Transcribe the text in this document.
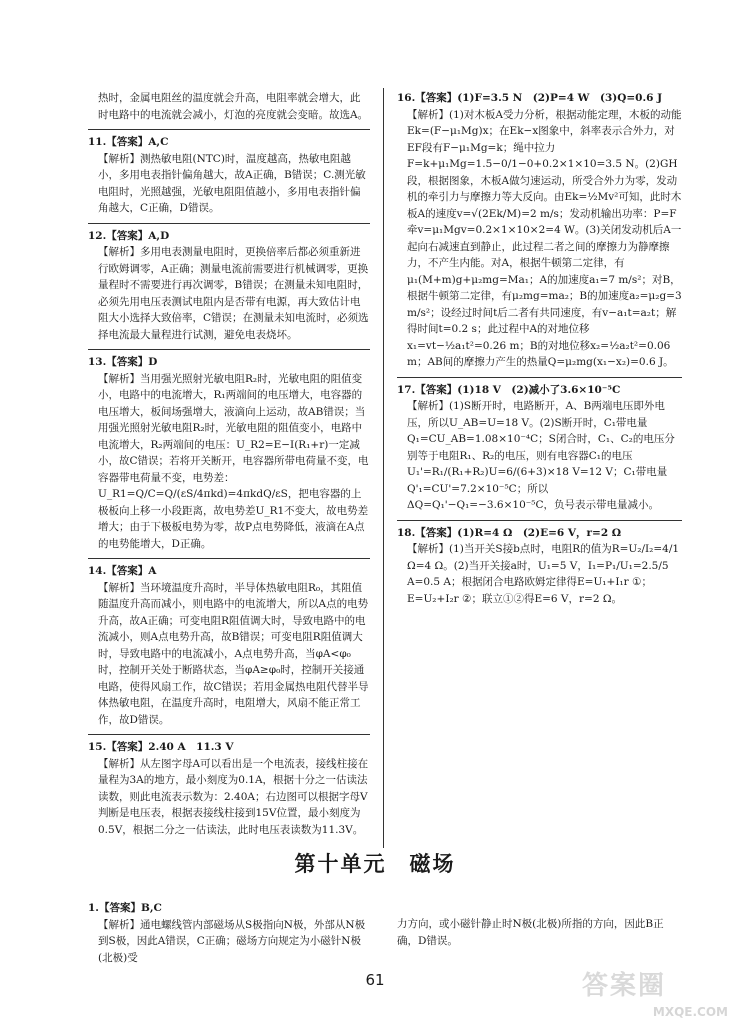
热时，金属电阻丝的温度就会升高，电阻率就会增大，此时电路中的电流就会减小，灯泡的亮度就会变暗。故选A。

11.【答案】A,C

【解析】测热敏电阻(NTC)时，温度越高，热敏电阻越小，多用电表指针偏角越大，故A正确，B错误；C.测光敏电阻时，光照越强，光敏电阻阻值越小，多用电表指针偏角越大，C正确，D错误。

12.【答案】A,D

【解析】多用电表测量电阻时，更换倍率后都必须重新进行欧姆调零，A正确；测量电流前需要进行机械调零，更换量程时不需要进行再次调零，B错误；在测量未知电阻时，必须先用电压表测试电阻内是否带有电源，再大致估计电阻大小选择大致倍率，C错误；在测量未知电流时，必须选择电流最大量程进行试测，避免电表烧坏。

13.【答案】D

【解析】当用强光照射光敏电阻R₂时，光敏电阻的阻值变小，电路中的电流增大，R₁两端间的电压增大，电容器的电压增大，板间场强增大，液滴向上运动，故AB错误；当用强光照射光敏电阻R₂时，光敏电阻的阻值变小，电路中电流增大，R₂两端间的电压：U_R2=E−I(R₁+r)一定减小，故C错误；若将开关断开，电容器所带电荷量不变，电容器带电荷量不变，电势差：U_R1=Q/C=Q/(εS/4πkd)=4πkdQ/εS，把电容器的上极板向上移一小段距离，故电势差U_R1不变大，故电势差增大；由于下极板电势为零，故P点电势降低，液滴在A点的电势能增大，D正确。

14.【答案】A

【解析】当环境温度升高时，半导体热敏电阻R₀，其阻值随温度升高而减小，则电路中的电流增大，所以A点的电势升高，故A正确；可变电阻R阻值调大时，导致电路中的电流减小，则A点电势升高，故B错误；可变电阻R阻值调大时，导致电路中的电流减小，A点电势升高，当φA<φ₀时，控制开关处于断路状态，当φA≥φ₀时，控制开关接通电路，使得风扇工作，故C错误；若用金属热电阻代替半导体热敏电阻，在温度升高时，电阻增大，风扇不能正常工作，故D错误。

15.【答案】2.40 A　11.3 V

【解析】从左图字母A可以看出是一个电流表，接线柱接在量程为3A的地方，最小刻度为0.1A，根据十分之一估读法读数，则此电流表示数为：2.40A；右边图可以根据字母V判断是电压表，根据表接线柱接到15V位置，最小刻度为0.5V，根据二分之一估读法，此时电压表读数为11.3V。

16.【答案】(1)F=3.5 N　(2)P=4 W　(3)Q=0.6 J

【解析】(1)对木板A受力分析，根据动能定理，木板的动能Ek=(F−μ₁Mg)x；在Ek−x图象中，斜率表示合外力，对EF段有F−μ₁Mg=k；绳中拉力F=k+μ₁Mg=1.5−0/1−0+0.2×1×10=3.5 N。(2)GH段，根据图象，木板A做匀速运动，所受合外力为零，发动机的牵引力与摩擦力等大反向。由Ek=½Mv²可知，此时木板A的速度v=√(2Ek/M)=2 m/s；发动机输出功率：P=F牵v=μ₁Mgv=0.2×1×10×2=4 W。(3)关闭发动机后A一起向右减速直到静止，此过程二者之间的摩擦力为静摩擦力，不产生内能。对A，根据牛顿第二定律，有μ₁(M+m)g+μ₂mg=Ma₁；A的加速度a₁=7 m/s²；对B，根据牛顿第二定律，有μ₂mg=ma₂；B的加速度a₂=μ₂g=3 m/s²；设经过时间t后二者有共同速度，有v−a₁t=a₂t；解得时间t=0.2 s；此过程中A的对地位移x₁=vt−½a₁t²=0.26 m；B的对地位移x₂=½a₂t²=0.06 m；AB间的摩擦力产生的热量Q=μ₂mg(x₁−x₂)=0.6 J。

17.【答案】(1)18 V　(2)减小了3.6×10⁻⁵C

【解析】(1)S断开时，电路断开，A、B两端电压即外电压，所以U_AB=U=18 V。(2)S断开时，C₁带电量Q₁=CU_AB=1.08×10⁻⁴C；S闭合时，C₁、C₂的电压分别等于电阻R₁、R₂的电压，则有电容器C₁的电压U₁'=R₁/(R₁+R₂)U=6/(6+3)×18 V=12 V；C₁带电量Q'₁=CU'=7.2×10⁻⁵C；所以ΔQ=Q₁'−Q₁=−3.6×10⁻⁵C，负号表示带电量减小。

18.【答案】(1)R=4 Ω　(2)E=6 V，r=2 Ω

【解析】(1)当开关S接b点时，电阻R的值为R=U₂/I₂=4/1 Ω=4 Ω。(2)当开关接a时，U₁=5 V，I₁=P₁/U₁=2.5/5 A=0.5 A；根据闭合电路欧姆定律得E=U₁+I₁r ①；E=U₂+I₂r ②；联立①②得E=6 V，r=2 Ω。

第十单元　磁场

1.【答案】B,C

【解析】通电螺线管内部磁场从S极指向N极，外部从N极到S极，因此A错误，C正确；磁场方向规定为小磁针N极(北极)受

力方向，或小磁针静止时N极(北极)所指的方向，因此B正确，D错误。

61	答案圈
MXQE.COM
